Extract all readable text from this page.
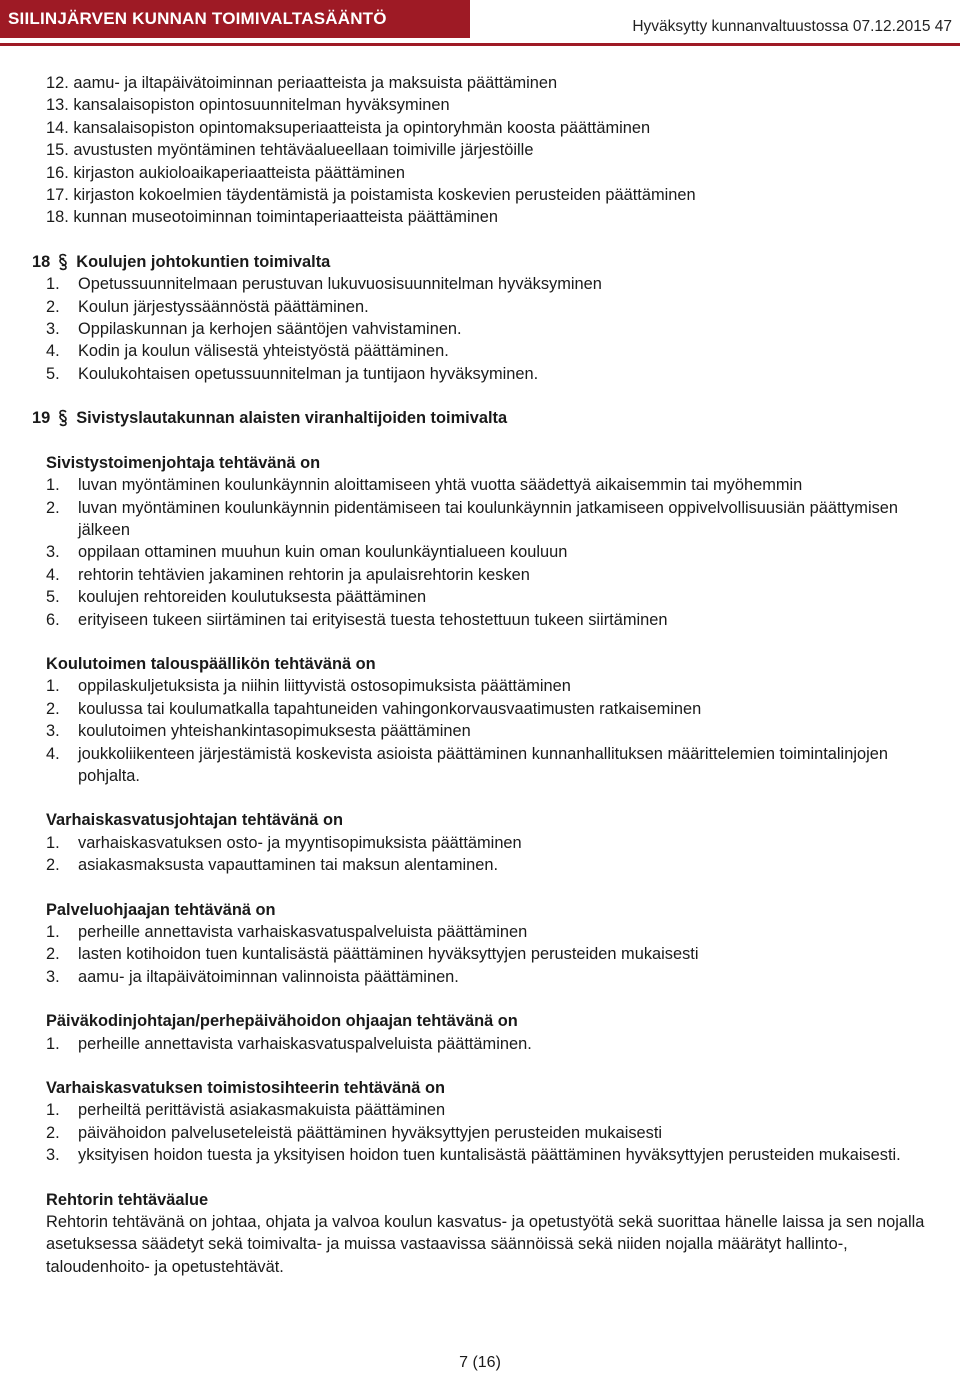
SIILINJÄRVEN KUNNAN TOIMIVALTASÄÄNTÖ	Hyväksytty kunnanvaltuustossa 07.12.2015 47
12. aamu- ja iltapäivätoiminnan periaatteista ja maksuista päättäminen
13. kansalaisopiston opintosuunnitelman hyväksyminen
14. kansalaisopiston opintomaksuperiaatteista ja opintoryhmän koosta päättäminen
15. avustusten myöntäminen tehtäväalueellaan toimiville järjestöille
16. kirjaston aukioloaikaperiaatteista päättäminen
17. kirjaston kokoelmien täydentämistä ja poistamista koskevien perusteiden päättäminen
18. kunnan museotoiminnan toimintaperiaatteista päättäminen
18 Koulujen johtokuntien toimivalta
1.	Opetussuunnitelmaan perustuvan lukuvuosisuunnitelman hyväksyminen
2.	Koulun järjestyssäännöstä päättäminen.
3.	Oppilaskunnan ja kerhojen sääntöjen vahvistaminen.
4.	Kodin ja koulun välisestä yhteistyöstä päättäminen.
5.	Koulukohtaisen opetussuunnitelman ja tuntijaon hyväksyminen.
19 Sivistyslautakunnan alaisten viranhaltijoiden toimivalta
Sivistystoimenjohtaja tehtävänä on
1.	luvan myöntäminen koulunkäynnin aloittamiseen yhtä vuotta säädettyä aikaisemmin tai myöhemmin
2.	luvan myöntäminen koulunkäynnin pidentämiseen tai koulunkäynnin jatkamiseen oppivelvollisuusiän päättymisen jälkeen
3.	oppilaan ottaminen muuhun kuin oman koulunkäyntialueen kouluun
4.	rehtorin tehtävien jakaminen rehtorin ja apulaisrehtorin kesken
5.	koulujen rehtoreiden koulutuksesta päättäminen
6.	erityiseen tukeen siirtäminen tai erityisestä tuesta tehostettuun tukeen siirtäminen
Koulutoimen talouspäällikön tehtävänä on
1.	oppilaskuljetuksista ja niihin liittyvistä ostosopimuksista päättäminen
2.	koulussa tai koulumatkalla tapahtuneiden vahingonkorvausvaatimusten ratkaiseminen
3.	koulutoimen yhteishankintasopimuksesta päättäminen
4.	joukkoliikenteen järjestämistä koskevista asioista päättäminen kunnanhallituksen määrittelemien toimintalinjojen pohjalta.
Varhaiskasvatusjohtajan tehtävänä on
1.	varhaiskasvatuksen osto- ja myyntisopimuksista päättäminen
2.	asiakasmaksusta vapauttaminen tai maksun alentaminen.
Palveluohjaajan tehtävänä on
1.	perheille annettavista varhaiskasvatuspalveluista päättäminen
2.	lasten kotihoidon tuen kuntalisästä päättäminen hyväksyttyjen perusteiden mukaisesti
3.	aamu- ja iltapäivätoiminnan valinnoista päättäminen.
Päiväkodinjohtajan/perhepäivähoidon ohjaajan tehtävänä on
1.	perheille annettavista varhaiskasvatuspalveluista päättäminen.
Varhaiskasvatuksen toimistosihteerin tehtävänä on
1.	perheiltä perittävistä asiakasmakuista päättäminen
2.	päivähoidon palveluseteleistä päättäminen hyväksyttyjen perusteiden mukaisesti
3.	yksityisen hoidon tuesta ja yksityisen hoidon tuen kuntalisästä päättäminen hyväksyttyjen perusteiden mukaisesti.
Rehtorin tehtäväalue
Rehtorin tehtävänä on johtaa, ohjata ja valvoa koulun kasvatus- ja opetustyötä sekä suorittaa hänelle laissa ja sen nojalla asetuksessa säädetyt sekä toimivalta- ja muissa vastaavissa säännöissä sekä niiden nojalla määrätyt hallinto-, taloudenhoito- ja opetustehtävät.
7 (16)
